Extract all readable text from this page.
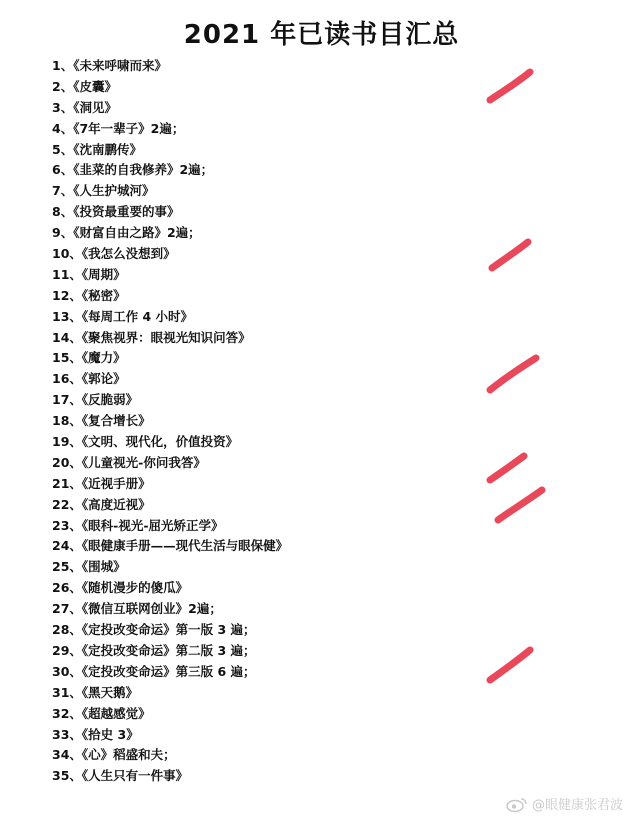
2021 年已读书目汇总
1、《未来呼啸而来》
2、《皮囊》
3、《洞见》
4、《7年一辈子》2遍；
5、《沈南鹏传》
6、《韭菜的自我修养》2遍；
7、《人生护城河》
8、《投资最重要的事》
9、《财富自由之路》2遍；
10、《我怎么没想到》
11、《周期》
12、《秘密》
13、《每周工作 4 小时》
14、《聚焦视界：眼视光知识问答》
15、《魔力》
16、《郭论》
17、《反脆弱》
18、《复合增长》
19、《文明、现代化，价值投资》
20、《儿童视光-你问我答》
21、《近视手册》
22、《高度近视》
23、《眼科-视光-屈光矫正学》
24、《眼健康手册——现代生活与眼保健》
25、《围城》
26、《随机漫步的傻瓜》
27、《微信互联网创业》2遍；
28、《定投改变命运》第一版 3 遍；
29、《定投改变命运》第二版 3 遍；
30、《定投改变命运》第三版 6 遍；
31、《黑天鹅》
32、《超越感觉》
33、《拾史 3》
34、《心》稻盛和夫；
35、《人生只有一件事》
@眼健康张君波
